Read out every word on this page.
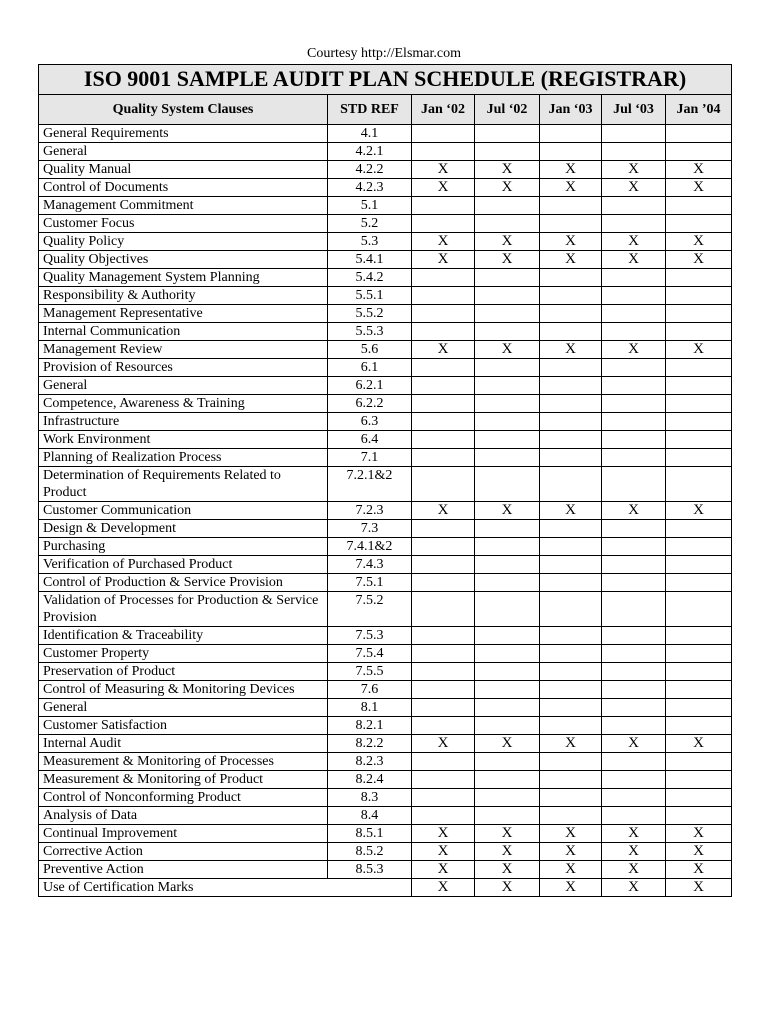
Courtesy http://Elsmar.com
ISO 9001 SAMPLE AUDIT PLAN SCHEDULE (REGISTRAR)						
Quality System Clauses	STD REF	Jan ‘02	Jul ‘02	Jan ‘03	Jul ‘03	Jan ’04
General Requirements	4.1					
General	4.2.1					
Quality Manual	4.2.2	X	X	X	X	X
Control of Documents	4.2.3	X	X	X	X	X
Management Commitment	5.1					
Customer Focus	5.2					
Quality Policy	5.3	X	X	X	X	X
Quality Objectives	5.4.1	X	X	X	X	X
Quality Management System Planning	5.4.2					
Responsibility & Authority	5.5.1					
Management Representative	5.5.2					
Internal Communication	5.5.3					
Management Review	5.6	X	X	X	X	X
Provision of Resources	6.1					
General	6.2.1					
Competence, Awareness & Training	6.2.2					
Infrastructure	6.3					
Work Environment	6.4					
Planning of Realization Process	7.1					
Determination of Requirements Related to Product	7.2.1&2					
Customer Communication	7.2.3	X	X	X	X	X
Design & Development	7.3					
Purchasing	7.4.1&2					
Verification of Purchased Product	7.4.3					
Control of Production & Service Provision	7.5.1					
Validation of Processes for Production & Service Provision	7.5.2					
Identification & Traceability	7.5.3					
Customer Property	7.5.4					
Preservation of Product	7.5.5					
Control of Measuring & Monitoring Devices	7.6					
General	8.1					
Customer Satisfaction	8.2.1					
Internal Audit	8.2.2	X	X	X	X	X
Measurement & Monitoring of Processes	8.2.3					
Measurement & Monitoring of Product	8.2.4					
Control of Nonconforming Product	8.3					
Analysis of Data	8.4					
Continual Improvement	8.5.1	X	X	X	X	X
Corrective Action	8.5.2	X	X	X	X	X
Preventive Action	8.5.3	X	X	X	X	X
Use of Certification Marks		X	X	X	X	X
